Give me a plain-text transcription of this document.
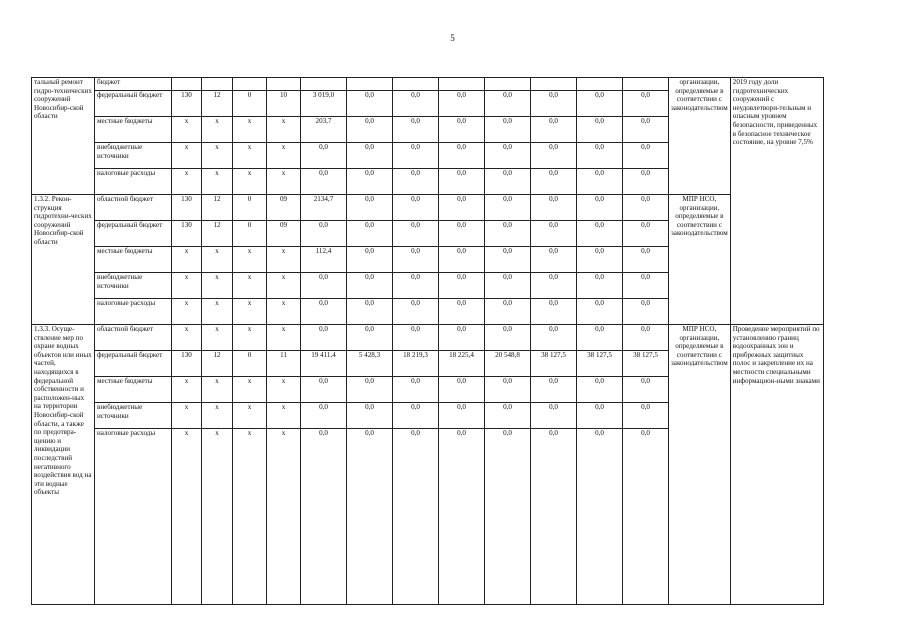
5
тальный ремонт гидро-технических сооружений Новосибир-ской области	бюджет													организации, определяемые в соответствии с законодательством	2019 году доли гидротехнических сооружений с неудовлетвори-тельным и опасным уровнем безопасности, приведенных в безопасное техническое состояние, на уровне 7,5%
	федеральный бюджет	130	12	0	10	3 019,0	0,0	0,0	0,0	0,0	0,0	0,0	0,0		
	местные бюджеты	х	х	х	х	203,7	0,0	0,0	0,0	0,0	0,0	0,0	0,0		
	внебюджетные источники	х	х	х	х	0,0	0,0	0,0	0,0	0,0	0,0	0,0	0,0		
	налоговые расходы	х	х	х	х	0,0	0,0	0,0	0,0	0,0	0,0	0,0	0,0		
1.3.2. Рекон-струкция гидротехни-ческих сооружений Новосибир-ской области	областной бюджет	130	12	0	09	2134,7	0,0	0,0	0,0	0,0	0,0	0,0	0,0	МПР НСО, организации, определяемые в соответствии с законодательством	
	федеральный бюджет	130	12	0	09	0,0	0,0	0,0	0,0	0,0	0,0	0,0	0,0		
	местные бюджеты	х	х	х	х	112,4	0,0	0,0	0,0	0,0	0,0	0,0	0,0		
	внебюджетные источники	х	х	х	х	0,0	0,0	0,0	0,0	0,0	0,0	0,0	0,0		
	налоговые расходы	х	х	х	х	0,0	0,0	0,0	0,0	0,0	0,0	0,0	0,0		
1.3.3. Осуще-ствление мер по охране водных объектов или иных частей, находящихся в федеральной собственности и расположен-ных на территории Новосибир-ской области, а также по предотвра-щению и ликвидации последствий негативного воздействия вод на эти водные объекты	областной бюджет	х	х	х	х	0,0	0,0	0,0	0,0	0,0	0,0	0,0	0,0	МПР НСО, организации, определяемые в соответствии с законодательством	Проведение мероприятий по установлению границ водоохранных зон и прибрежных защитных полос и закрепление их на местности специальными информацион-ными знаками
	федеральный бюджет	130	12	0	11	19 411,4	5 428,3	18 219,3	18 225,4	20 548,8	38 127,5	38 127,5	38 127,5		
	местные бюджеты	х	х	х	х	0,0	0,0	0,0	0,0	0,0	0,0	0,0	0,0		
	внебюджетные источники	х	х	х	х	0,0	0,0	0,0	0,0	0,0	0,0	0,0	0,0		
	налоговые расходы	х	х	х	х	0,0	0,0	0,0	0,0	0,0	0,0	0,0	0,0		
